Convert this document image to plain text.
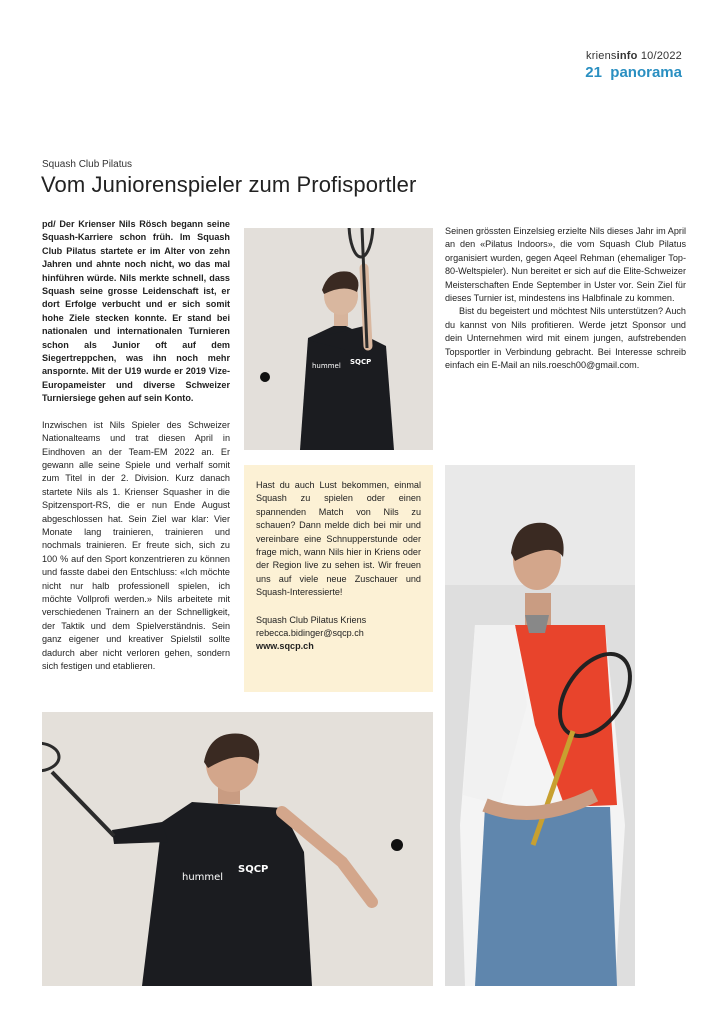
kriensinfo 10/2022
21 panorama
Squash Club Pilatus
Vom Juniorenspieler zum Profisportler

pd/ Der Krienser Nils Rösch begann seine Squash-Karriere schon früh. Im Squash Club Pilatus startete er im Alter von zehn Jahren und ahnte noch nicht, wo das mal hinführen würde. Nils merkte schnell, dass Squash seine grosse Leidenschaft ist, er dort Erfolge verbucht und er sich somit hohe Ziele stecken konnte. Er stand bei nationalen und internationalen Turnieren schon als Junior oft auf dem Siegertreppchen, was ihn noch mehr anspornte. Mit der U19 wurde er 2019 Vize-Europameister und diverse Schweizer Turniersiege gehen auf sein Konto.

Inzwischen ist Nils Spieler des Schweizer Nationalteams und trat diesen April in Eindhoven an der Team-EM 2022 an. Er gewann alle seine Spiele und verhalf somit zum Titel in der 2. Division. Kurz danach startete Nils als 1. Krienser Squasher in die Spitzensport-RS, die er nun Ende August abgeschlossen hat. Sein Ziel war klar: Vier Monate lang trainieren, trainieren und nochmals trainieren. Er freute sich, sich zu 100 % auf den Sport konzentrieren zu können und fasste dabei den Entschluss: «Ich möchte nicht nur halb professionell spielen, ich möchte Vollprofi werden.» Nils arbeitete mit verschiedenen Trainern an der Schnelligkeit, der Taktik und dem Spielverständnis. Sein ganz eigener und kreativer Spielstil sollte dadurch aber nicht verloren gehen, sondern sich festigen und etablieren.

hummel SQCP

Hast du auch Lust bekommen, einmal Squash zu spielen oder einen spannenden Match von Nils zu schauen? Dann melde dich bei mir und vereinbare eine Schnupperstunde oder frage mich, wann Nils hier in Kriens oder der Region live zu sehen ist. Wir freuen uns auf viele neue Zuschauer und Squash-Interessierte!

Squash Club Pilatus Kriens
rebecca.bidinger@sqcp.ch
www.sqcp.ch

Seinen grössten Einzelsieg erzielte Nils dieses Jahr im April an den «Pilatus Indoors», die vom Squash Club Pilatus organisiert wurden, gegen Aqeel Rehman (ehemaliger Top-80-Weltspieler). Nun bereitet er sich auf die Elite-Schweizer Meisterschaften Ende September in Uster vor. Sein Ziel für dieses Turnier ist, mindestens ins Halbfinale zu kommen.

Bist du begeistert und möchtest Nils unterstützen? Auch du kannst von Nils profitieren. Werde jetzt Sponsor und dein Unternehmen wird mit einem jungen, aufstrebenden Topsportler in Verbindung gebracht. Bei Interesse schreib einfach ein E-Mail an nils.roesch00@gmail.com.

hummel
SQCP
